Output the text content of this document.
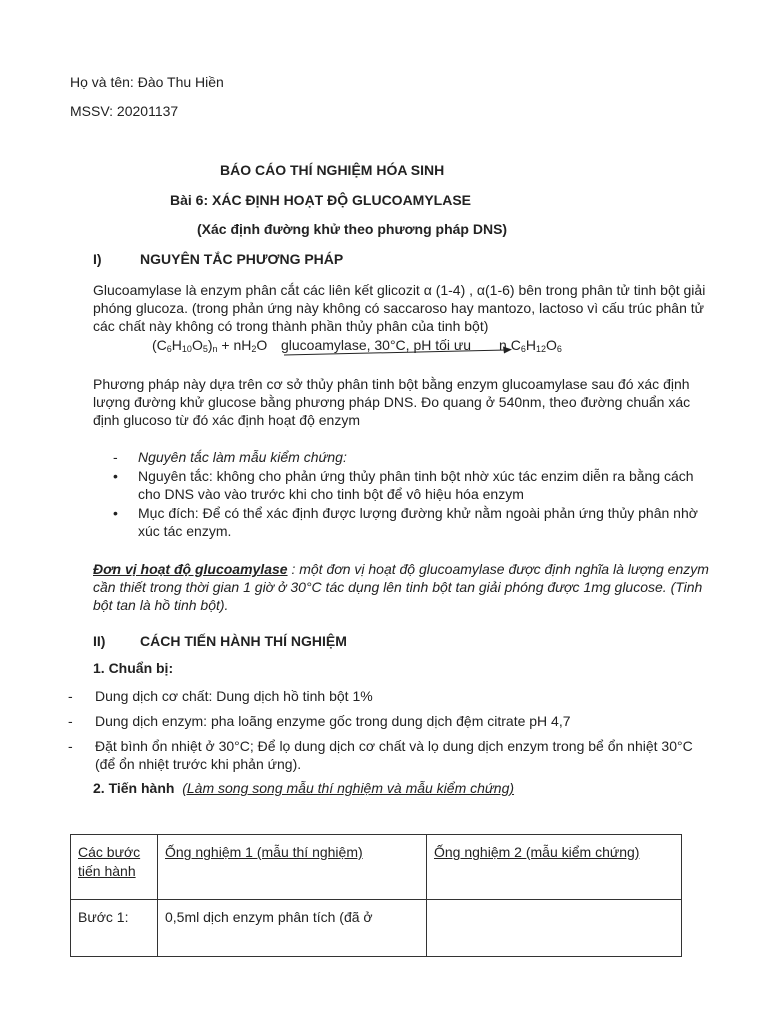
Họ và tên: Đào Thu Hiền
MSSV: 20201137
BÁO CÁO THÍ NGHIỆM HÓA SINH
Bài 6: XÁC ĐỊNH HOẠT ĐỘ GLUCOAMYLASE
(Xác định đường khử theo phương pháp DNS)
I)	NGUYÊN TẮC PHƯƠNG PHÁP
Glucoamylase là enzym phân cắt các liên kết glicozit α (1-4) , α(1-6) bên trong phân tử tinh bột giải phóng glucoza. (trong phản ứng này không có saccaroso hay mantozo, lactoso vì cấu trúc phân tử các chất này không có trong thành phần thủy phân của tinh bột)
$(C_6H_{10}O_5)_n + nH_2O$ glucoamylase, 30°C, pH tối ưu n $C_6H_{12}O_6$
Phương pháp này dựa trên cơ sở thủy phân tinh bột bằng enzym glucoamylase sau đó xác định lượng đường khử glucose bằng phương pháp DNS. Đo quang ở 540nm, theo đường chuẩn xác định glucoso từ đó xác định hoạt độ enzym
- Nguyên tắc làm mẫu kiểm chứng:
• Nguyên tắc: không cho phản ứng thủy phân tinh bột nhờ xúc tác enzim diễn ra bằng cách cho DNS vào vào trước khi cho tinh bột để vô hiệu hóa enzym
• Mục đích: Để có thể xác định được lượng đường khử nằm ngoài phản ứng thủy phân nhờ xúc tác enzym.
Đơn vị hoạt độ glucoamylase : một đơn vị hoạt độ glucoamylase được định nghĩa là lượng enzym cần thiết trong thời gian 1 giờ ở 30°C tác dụng lên tinh bột tan giải phóng được 1mg glucose. (Tinh bột tan là hồ tinh bột).
II) CÁCH TIẾN HÀNH THÍ NGHIỆM
1. Chuẩn bị:
- Dung dịch cơ chất: Dung dịch hồ tinh bột 1%
- Dung dịch enzym: pha loãng enzyme gốc trong dung dịch đệm citrate pH 4,7
- Đặt bình ổn nhiệt ở 30°C; Để lọ dung dịch cơ chất và lọ dung dịch enzym trong bể ổn nhiệt 30°C (để ổn nhiệt trước khi phản ứng).
2. Tiến hành (Làm song song mẫu thí nghiệm và mẫu kiểm chứng)
Các bước tiến hành	Ống nghiệm 1 (mẫu thí nghiệm)	Ống nghiệm 2 (mẫu kiểm chứng)
Bước 1:	0,5ml dịch enzym phân tích (đã ở	
